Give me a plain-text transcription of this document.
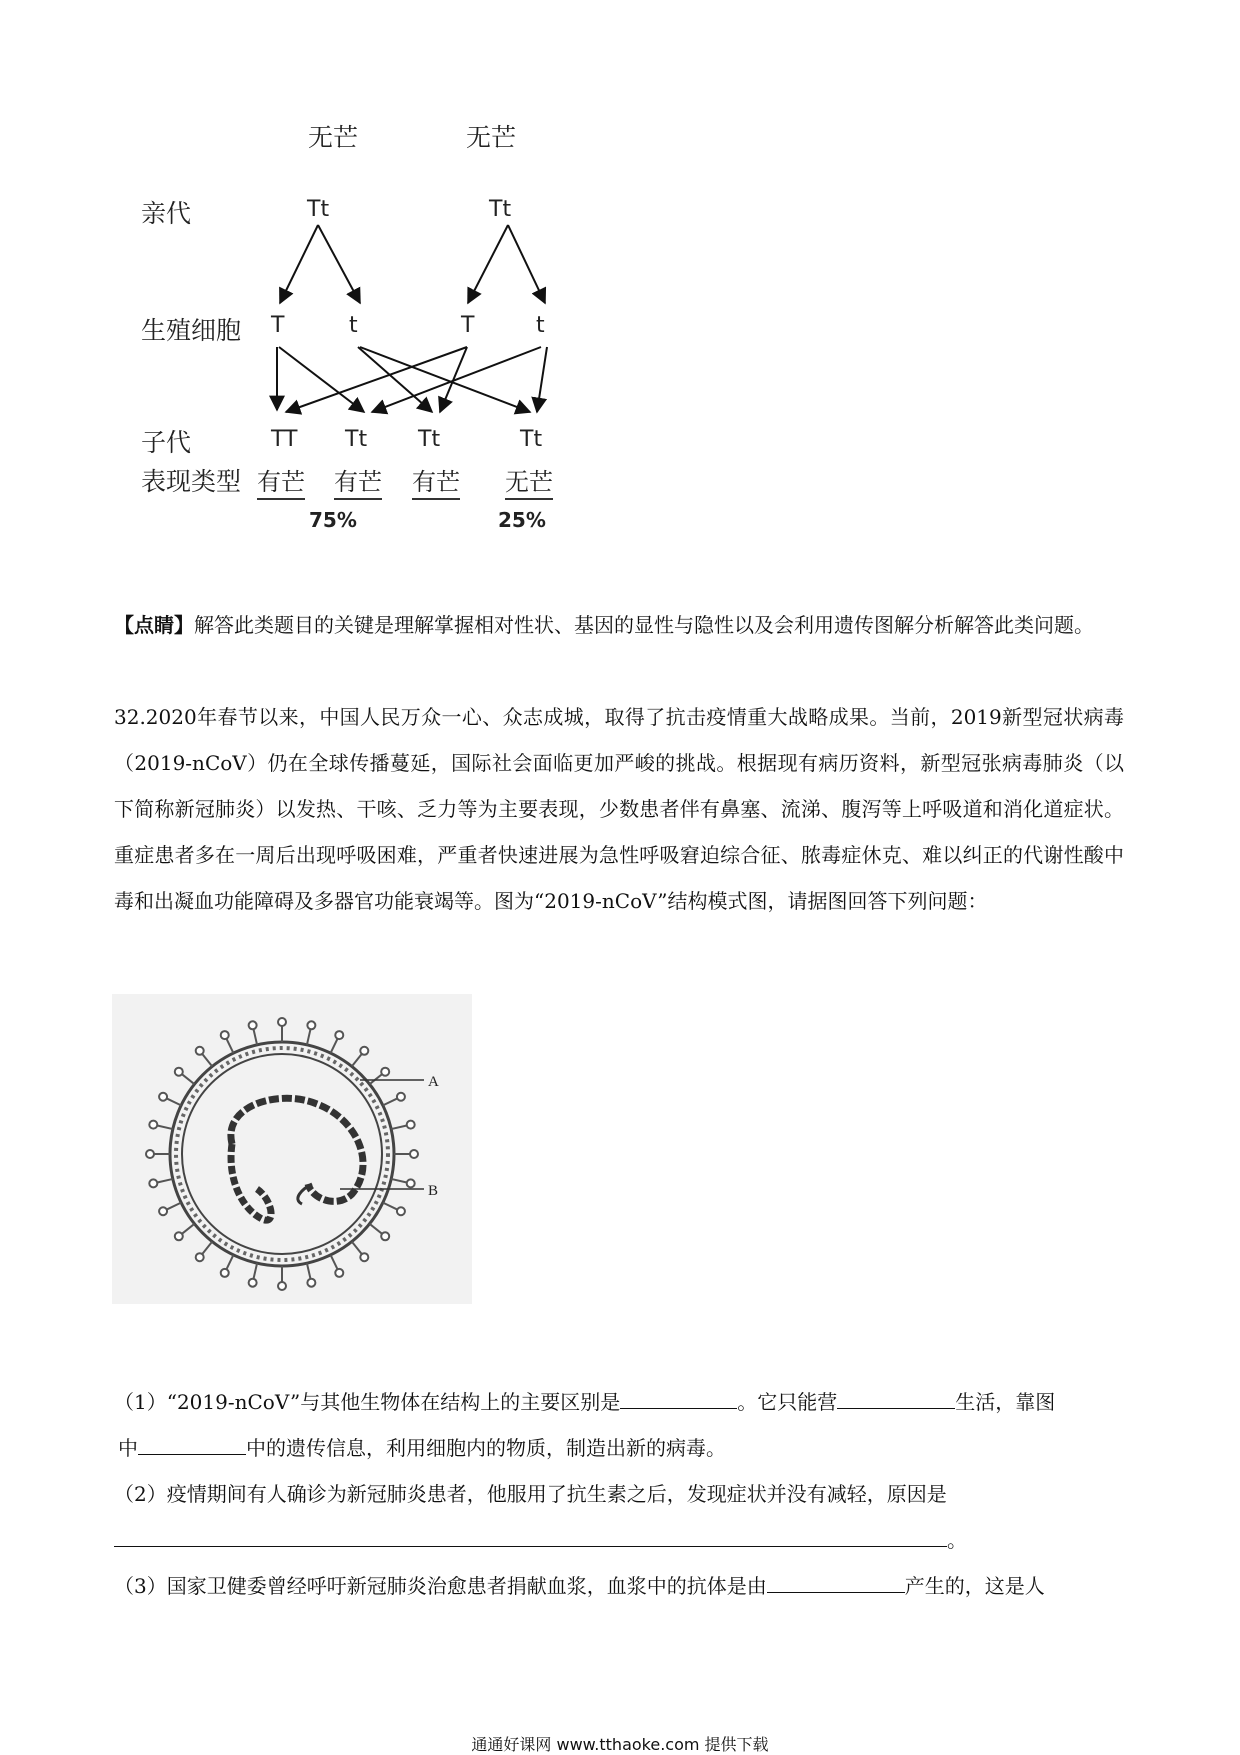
无芒	无芒
亲代	Tt	Tt
生殖细胞 T	t	T	t
子代	TT Tt Tt	Tt
表现类型 有芒 有芒 有芒 无芒
75%	25%

【点睛】解答此类题目的关键是理解掌握相对性状、基因的显性与隐性以及会利用遗传图解分析解答此类问题。

32.2020年春节以来，中国人民万众一心、众志成城，取得了抗击疫情重大战略成果。当前，2019新型冠状病毒（2019-nCoV）仍在全球传播蔓延，国际社会面临更加严峻的挑战。根据现有病历资料，新型冠张病毒肺炎（以下简称新冠肺炎）以发热、干咳、乏力等为主要表现，少数患者伴有鼻塞、流涕、腹泻等上呼吸道和消化道症状。重症患者多在一周后出现呼吸困难，严重者快速进展为急性呼吸窘迫综合征、脓毒症休克、难以纠正的代谢性酸中毒和出凝血功能障碍及多器官功能衰竭等。图为“2019-nCoV”结构模式图，请据图回答下列问题：

A
B
（1）“2019-nCoV”与其他生物体在结构上的主要区别是	。它只能营	生活，靠图
中	中的遗传信息，利用细胞内的物质，制造出新的病毒。
（2）疫情期间有人确诊为新冠肺炎患者，他服用了抗生素之后，发现症状并没有减轻，原因是
。
（3）国家卫健委曾经呼吁新冠肺炎治愈患者捐献血浆，血浆中的抗体是由	产生的，这是人
通通好课网 www.tthaoke.com 提供下载
